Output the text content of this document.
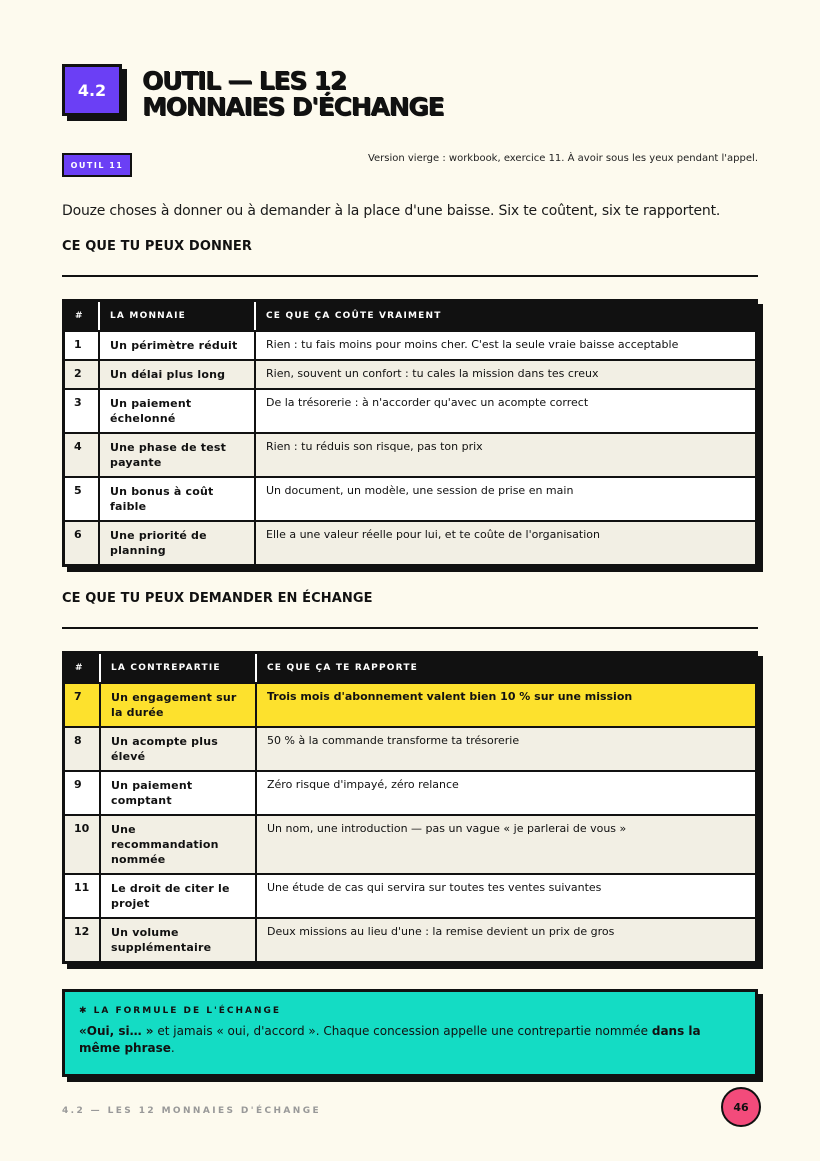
4.2	OUTIL — LES 12
MONNAIES D'ÉCHANGE
OUTIL 11
Version vierge : workbook, exercice 11. À avoir sous les yeux pendant l'appel.
Douze choses à donner ou à demander à la place d'une baisse. Six te coûtent, six te rapportent.
CE QUE TU PEUX DONNER
#	LA MONNAIE	CE QUE ÇA COÛTE VRAIMENT
1	Un périmètre réduit	Rien : tu fais moins pour moins cher. C'est la seule vraie baisse acceptable
2	Un délai plus long	Rien, souvent un confort : tu cales la mission dans tes creux
3	Un paiement échelonné	De la trésorerie : à n'accorder qu'avec un acompte correct
4	Une phase de test payante	Rien : tu réduis son risque, pas ton prix
5	Un bonus à coût faible	Un document, un modèle, une session de prise en main
6	Une priorité de planning	Elle a une valeur réelle pour lui, et te coûte de l'organisation
CE QUE TU PEUX DEMANDER EN ÉCHANGE
#	LA CONTREPARTIE	CE QUE ÇA TE RAPPORTE
7	Un engagement sur la durée	Trois mois d'abonnement valent bien 10 % sur une mission
8	Un acompte plus élevé	50 % à la commande transforme ta trésorerie
9	Un paiement comptant	Zéro risque d'impayé, zéro relance
10	Une recommandation nommée	Un nom, une introduction — pas un vague « je parlerai de vous »
11	Le droit de citer le projet	Une étude de cas qui servira sur toutes tes ventes suivantes
12	Un volume supplémentaire	Deux missions au lieu d'une : la remise devient un prix de gros
✱ LA FORMULE DE L'ÉCHANGE
«Oui, si… » et jamais « oui, d'accord ». Chaque concession appelle une contrepartie nommée dans la même phrase.
4.2 — LES 12 MONNAIES D'ÉCHANGE	46
